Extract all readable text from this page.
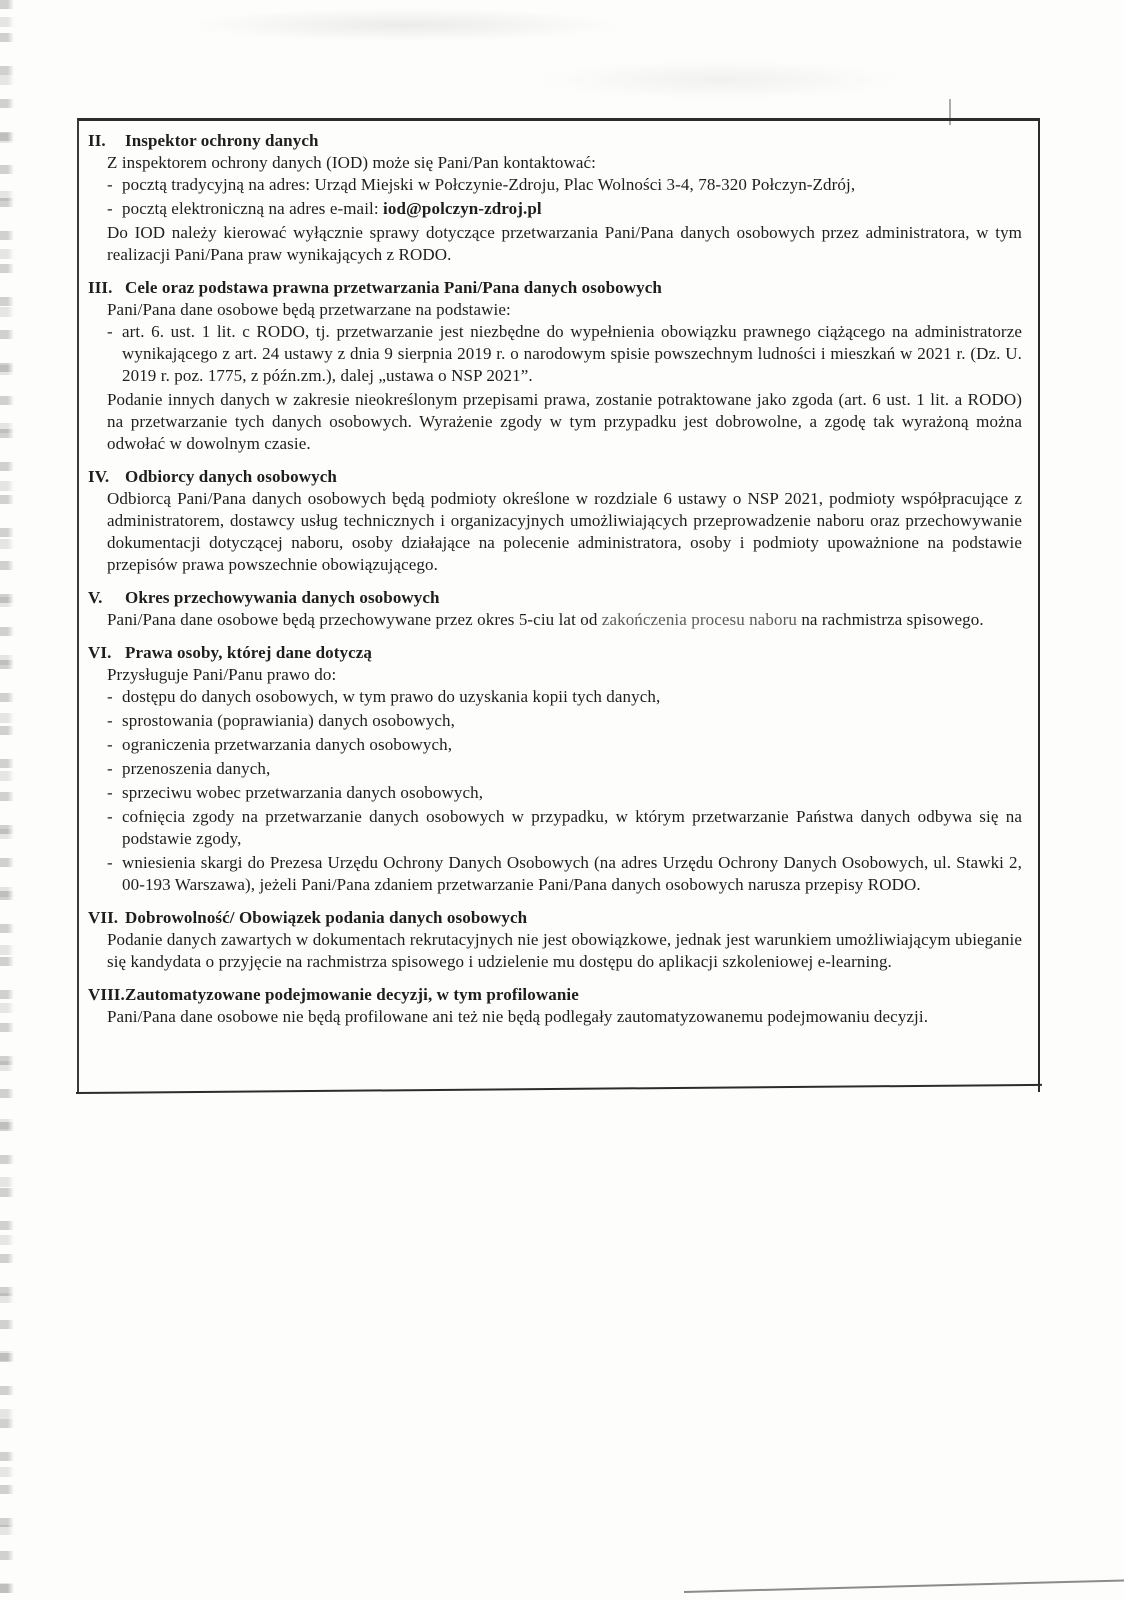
II.	Inspektor ochrony danych
Z inspektorem ochrony danych (IOD) może się Pani/Pan kontaktować:
- pocztą tradycyjną na adres: Urząd Miejski w Połczynie-Zdroju, Plac Wolności 3-4, 78-320 Połczyn-Zdrój,
- pocztą elektroniczną na adres e-mail: iod@polczyn-zdroj.pl
Do IOD należy kierować wyłącznie sprawy dotyczące przetwarzania Pani/Pana danych osobowych przez administratora, w tym realizacji Pani/Pana praw wynikających z RODO.
III. Cele oraz podstawa prawna przetwarzania Pani/Pana danych osobowych
Pani/Pana dane osobowe będą przetwarzane na podstawie:
- art. 6. ust. 1 lit. c RODO, tj. przetwarzanie jest niezbędne do wypełnienia obowiązku prawnego ciążącego na administratorze wynikającego z art. 24 ustawy z dnia 9 sierpnia 2019 r. o narodowym spisie powszechnym ludności i mieszkań w 2021 r. (Dz. U. 2019 r. poz. 1775, z późn.zm.), dalej „ustawa o NSP 2021”.
Podanie innych danych w zakresie nieokreślonym przepisami prawa, zostanie potraktowane jako zgoda (art. 6 ust. 1 lit. a RODO) na przetwarzanie tych danych osobowych. Wyrażenie zgody w tym przypadku jest dobrowolne, a zgodę tak wyrażoną można odwołać w dowolnym czasie.
IV. Odbiorcy danych osobowych
Odbiorcą Pani/Pana danych osobowych będą podmioty określone w rozdziale 6 ustawy o NSP 2021, podmioty współpracujące z administratorem, dostawcy usług technicznych i organizacyjnych umożliwiających przeprowadzenie naboru oraz przechowywanie dokumentacji dotyczącej naboru, osoby działające na polecenie administratora, osoby i podmioty upoważnione na podstawie przepisów prawa powszechnie obowiązującego.
V.	Okres przechowywania danych osobowych
Pani/Pana dane osobowe będą przechowywane przez okres 5-ciu lat od zakończenia procesu naboru na rachmistrza spisowego.
VI. Prawa osoby, której dane dotyczą
Przysługuje Pani/Panu prawo do:
- dostępu do danych osobowych, w tym prawo do uzyskania kopii tych danych,
- sprostowania (poprawiania) danych osobowych,
- ograniczenia przetwarzania danych osobowych,
- przenoszenia danych,
- sprzeciwu wobec przetwarzania danych osobowych,
- cofnięcia zgody na przetwarzanie danych osobowych w przypadku, w którym przetwarzanie Państwa danych odbywa się na podstawie zgody,
- wniesienia skargi do Prezesa Urzędu Ochrony Danych Osobowych (na adres Urzędu Ochrony Danych Osobowych, ul. Stawki 2, 00-193 Warszawa), jeżeli Pani/Pana zdaniem przetwarzanie Pani/Pana danych osobowych narusza przepisy RODO.
VII. Dobrowolność/ Obowiązek podania danych osobowych
Podanie danych zawartych w dokumentach rekrutacyjnych nie jest obowiązkowe, jednak jest warunkiem umożliwiającym ubieganie się kandydata o przyjęcie na rachmistrza spisowego i udzielenie mu dostępu do aplikacji szkoleniowej e-learning.
VIII. Zautomatyzowane podejmowanie decyzji, w tym profilowanie
Pani/Pana dane osobowe nie będą profilowane ani też nie będą podlegały zautomatyzowanemu podejmowaniu decyzji.
